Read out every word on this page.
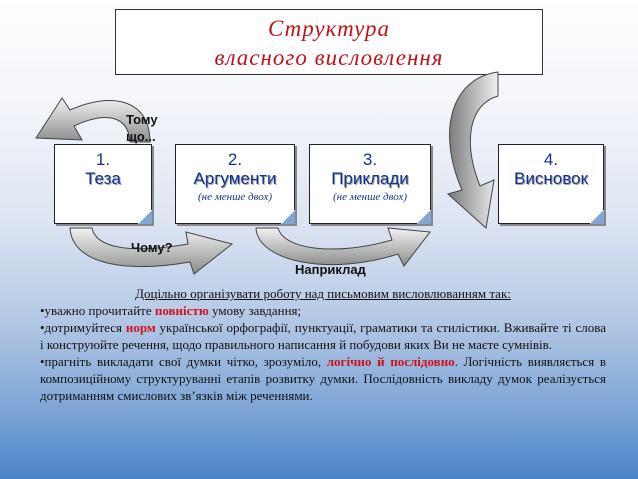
Структура
власного висловлення
1.
Теза
2.
Аргументи
(не менше двох)
3.
Приклади
(не менше двох)
4.
Висновок
Тому
що...
Чому?
Наприклад

Доцільно організувати роботу над письмовим висловлюванням так:

•уважно прочитайте повністю умову завдання;

•дотримуйтеся норм української орфографії, пунктуації, граматики та стилістики. Вживайте ті слова і конструюйте речення, щодо правильного написання й побудови яких Ви не маєте сумнівів.

•прагніть викладати свої думки чітко, зрозуміло, логічно й послідовно. Логічність виявляється в композиційному структуруванні етапів розвитку думки. Послідовність викладу думок реалізується дотриманням смислових зв’язків між реченнями.
